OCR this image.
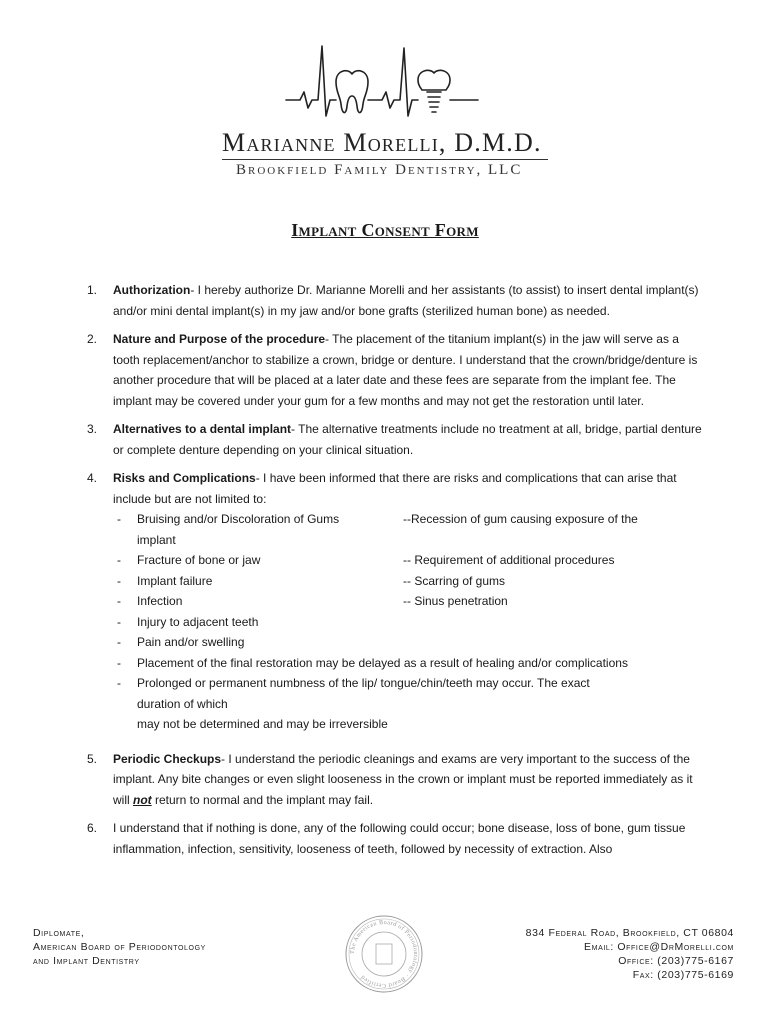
Marianne Morelli, D.M.D.
Brookfield Family Dentistry, LLC
Implant Consent Form
1. Authorization- I hereby authorize Dr. Marianne Morelli and her assistants (to assist) to insert dental implant(s) and/or mini dental implant(s) in my jaw and/or bone grafts (sterilized human bone) as needed.
2. Nature and Purpose of the procedure- The placement of the titanium implant(s) in the jaw will serve as a tooth replacement/anchor to stabilize a crown, bridge or denture. I understand that the crown/bridge/denture is another procedure that will be placed at a later date and these fees are separate from the implant fee. The implant may be covered under your gum for a few months and may not get the restoration until later.
3. Alternatives to a dental implant- The alternative treatments include no treatment at all, bridge, partial denture or complete denture depending on your clinical situation.
4. Risks and Complications- I have been informed that there are risks and complications that can arise that include but are not limited to:
- Bruising and/or Discoloration of Gums	--Recession of gum causing exposure of the
implant
- Fracture of bone or jaw	-- Requirement of additional procedures
- Implant failure	-- Scarring of gums
- Infection	-- Sinus penetration
- Injury to adjacent teeth
- Pain and/or swelling
- Placement of the final restoration may be delayed as a result of healing and/or complications
- Prolonged or permanent numbness of the lip/ tongue/chin/teeth may occur. The exact duration of which
may not be determined and may be irreversible
5. Periodic Checkups- I understand the periodic cleanings and exams are very important to the success of the implant. Any bite changes or even slight looseness in the crown or implant must be reported immediately as it will not return to normal and the implant may fail.
6. I understand that if nothing is done, any of the following could occur; bone disease, loss of bone, gum tissue inflammation, infection, sensitivity, looseness of teeth, followed by necessity of extraction. Also
Diplomate,
American Board of Periodontology
and Implant Dentistry
The American Board of Periodontology · Board Certified
834 Federal Road, Brookfield, CT 06804
Email: Office@DrMorelli.com
Office: (203)775-6167
Fax: (203)775-6169
